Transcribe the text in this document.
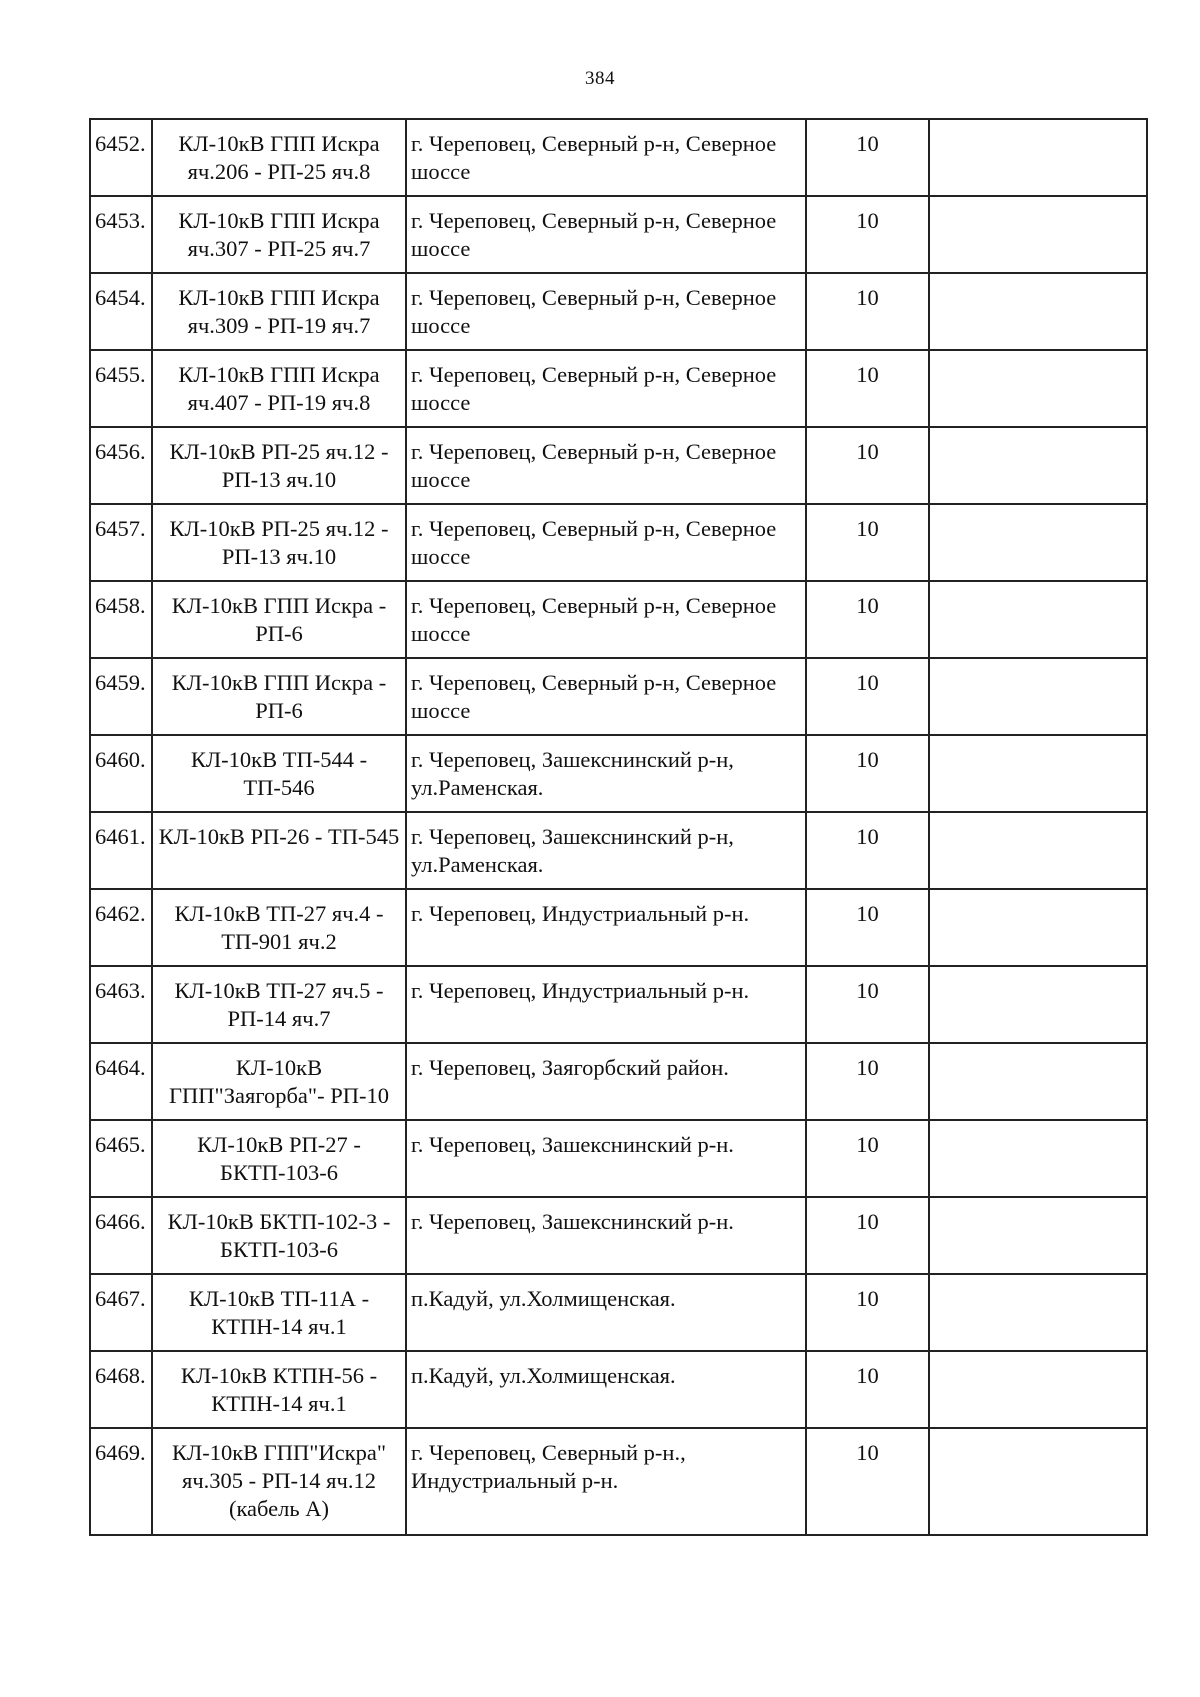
384
6452.	КЛ-10кВ ГПП Искра яч.206 - РП-25 яч.8	г. Череповец, Северный р-н, Северное шоссе	10	
6453.	КЛ-10кВ ГПП Искра яч.307 - РП-25 яч.7	г. Череповец, Северный р-н, Северное шоссе	10	
6454.	КЛ-10кВ ГПП Искра яч.309 - РП-19 яч.7	г. Череповец, Северный р-н, Северное шоссе	10	
6455.	КЛ-10кВ ГПП Искра яч.407 - РП-19 яч.8	г. Череповец, Северный р-н, Северное шоссе	10	
6456.	КЛ-10кВ РП-25 яч.12 - РП-13 яч.10	г. Череповец, Северный р-н, Северное шоссе	10	
6457.	КЛ-10кВ РП-25 яч.12 - РП-13 яч.10	г. Череповец, Северный р-н, Северное шоссе	10	
6458.	КЛ-10кВ ГПП Искра - РП-6	г. Череповец, Северный р-н, Северное шоссе	10	
6459.	КЛ-10кВ ГПП Искра - РП-6	г. Череповец, Северный р-н, Северное шоссе	10	
6460.	КЛ-10кВ ТП-544 - ТП-546	г. Череповец, Зашекснинский р-н, ул.Раменская.	10	
6461.	КЛ-10кВ РП-26 - ТП-545	г. Череповец, Зашекснинский р-н, ул.Раменская.	10	
6462.	КЛ-10кВ ТП-27 яч.4 - ТП-901 яч.2	г. Череповец, Индустриальный р-н.	10	
6463.	КЛ-10кВ ТП-27 яч.5 - РП-14 яч.7	г. Череповец, Индустриальный р-н.	10	
6464.	КЛ-10кВ ГПП"Заягорба"- РП-10	г. Череповец, Заягорбский район.	10	
6465.	КЛ-10кВ РП-27 - БКТП-103-6	г. Череповец, Зашекснинский р-н.	10	
6466.	КЛ-10кВ БКТП-102-3 - БКТП-103-6	г. Череповец, Зашекснинский р-н.	10	
6467.	КЛ-10кВ ТП-11А - КТПН-14 яч.1	п.Кадуй, ул.Холмищенская.	10	
6468.	КЛ-10кВ КТПН-56 - КТПН-14 яч.1	п.Кадуй, ул.Холмищенская.	10	
6469.	КЛ-10кВ ГПП"Искра" яч.305 - РП-14 яч.12 (кабель А)	г. Череповец, Северный р-н., Индустриальный р-н.	10	
